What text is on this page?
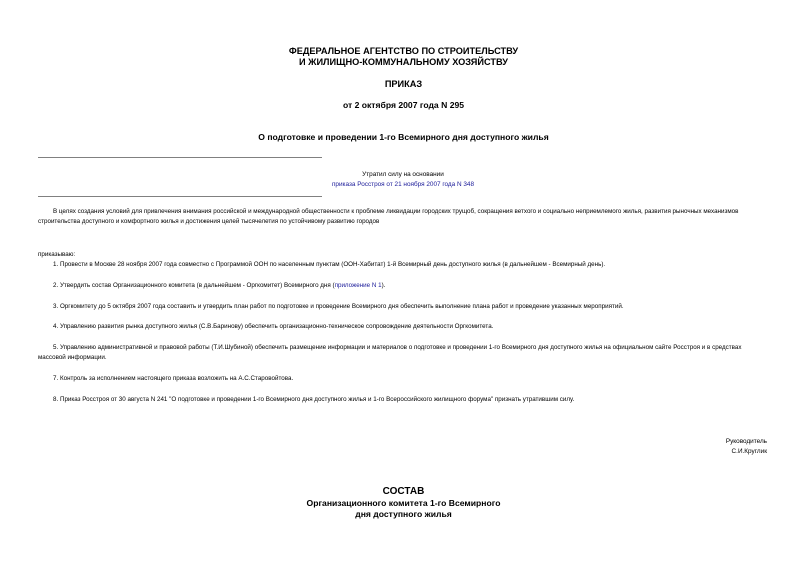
ФЕДЕРАЛЬНОЕ АГЕНТСТВО ПО СТРОИТЕЛЬСТВУ
И ЖИЛИЩНО-КОММУНАЛЬНОМУ ХОЗЯЙСТВУ
ПРИКАЗ
от 2 октября 2007 года N 295
О подготовке и проведении 1-го Всемирного дня доступного жилья
Утратил силу на основании
приказа Росстроя от 21 ноября 2007 года N 348

В целях создания условий для привлечения внимания российской и международной общественности к проблеме ликвидации городских трущоб, сокращения ветхого и социально неприемлемого жилья, развития рыночных механизмов строительства доступного и комфортного жилья и достижения целей тысячелетия по устойчивому развитию городов

приказываю:

1. Провести в Москве 28 ноября 2007 года совместно с Программой ООН по населенным пунктам (ООН-Хабитат) 1-й Всемирный день доступного жилья (в дальнейшем - Всемирный день).

2. Утвердить состав Организационного комитета (в дальнейшем - Оргкомитет) Всемирного дня (приложение N 1).

3. Оргкомитету до 5 октября 2007 года составить и утвердить план работ по подготовке и проведение Всемирного дня обеспечить выполнение плана работ и проведение указанных мероприятий.

4. Управлению развития рынка доступного жилья (С.В.Баринову) обеспечить организационно-техническое сопровождение деятельности Оргкомитета.

5. Управлению административной и правовой работы (Т.И.Шубиной) обеспечить размещение информации и материалов о подготовке и проведении 1-го Всемирного дня доступного жилья на официальном сайте Росстроя и в средствах массовой информации.

7. Контроль за исполнением настоящего приказа возложить на А.С.Старовойтова.

8. Приказ Росстроя от 30 августа N 241 "О подготовке и проведении 1-го Всемирного дня доступного жилья и 1-го Всероссийского жилищного форума" признать утратившим силу.

Руководитель
С.И.Круглик
СОСТАВ
Организационного комитета 1-го Всемирного
дня доступного жилья
